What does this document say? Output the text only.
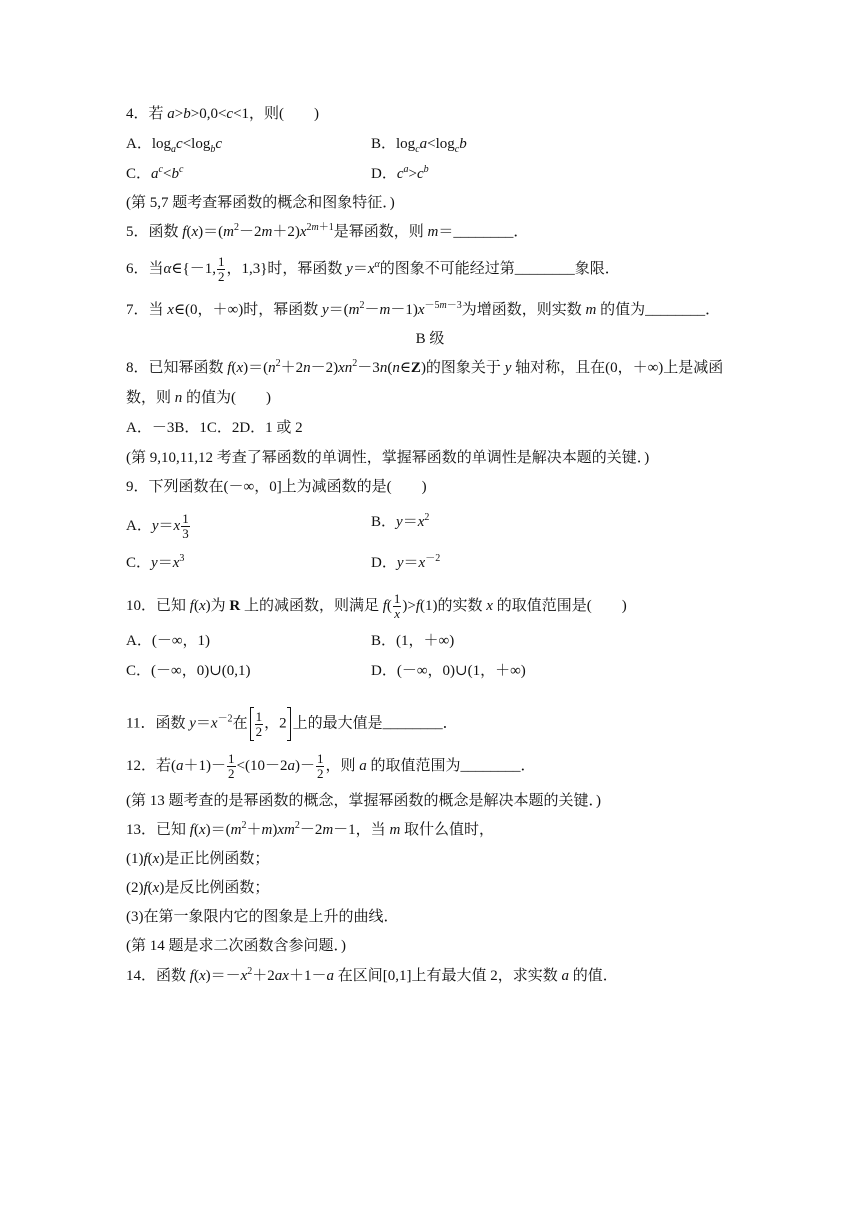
4．若 a>b>0,0<c<1，则(　　)
A．$\log_ac<\log_bc$	B．$\log_ca<\log_cb$
C．$a^c<b^c$	D．$c^a>c^b$
(第 5,7 题考查幂函数的概念和图象特征．)
5．函数 $f(x)=(m^2-2m+2)x^{2m+1}$是幂函数，则 m＝________．
6．当α∈{－1, $\frac{1}{2}$ ，1,3}时，幂函数 $y=x^\alpha$的图象不可能经过第________象限．
7．当 x∈(0，＋∞)时，幂函数 $y=(m^2-m-1)x^{-5m-3}$为增函数，则实数 m 的值为________．
B 级
8．已知幂函数 $f(x)=(n^2+2n-2)xn^2-3n(n\in Z)$的图象关于 y 轴对称，且在(0，＋∞)上是减函
数，则 n 的值为(　　)
A．－3B．1C．2D．1 或 2
(第 9,10,11,12 考查了幂函数的单调性，掌握幂函数的单调性是解决本题的关键．)
9．下列函数在(－∞，0]上为减函数的是(　　)
A．$y=x \frac{1}{3}$	B．$y=x^2$
C．$y=x^3$	D．$y=x^{-2}$
10．已知 f(x)为 R 上的减函数，则满足 $f( \frac{1}{x} )>f(1)$的实数 x 的取值范围是(　　)
A．(－∞，1)	B．(1，＋∞)
C．(－∞，0)∪(0,1)	D．(－∞，0)∪(1，＋∞)
11．函数 $y=x^{-2}$在 $\frac{1}{2}$ ，2 上的最大值是________．
12．若$(a+1)- \frac{1}{2} <(10-2a)- \frac{1}{2}$ ，则 a 的取值范围为________．
(第 13 题考查的是幂函数的概念，掌握幂函数的概念是解决本题的关键．)
13．已知 $f(x)=(m^2+m)xm^2-2m-1$，当 m 取什么值时，
(1)f(x)是正比例函数；
(2)f(x)是反比例函数；
(3)在第一象限内它的图象是上升的曲线．
(第 14 题是求二次函数含参问题．)
14．函数 $f(x)=-x^2+2ax+1-a$ 在区间[0,1]上有最大值 2，求实数 a 的值．
